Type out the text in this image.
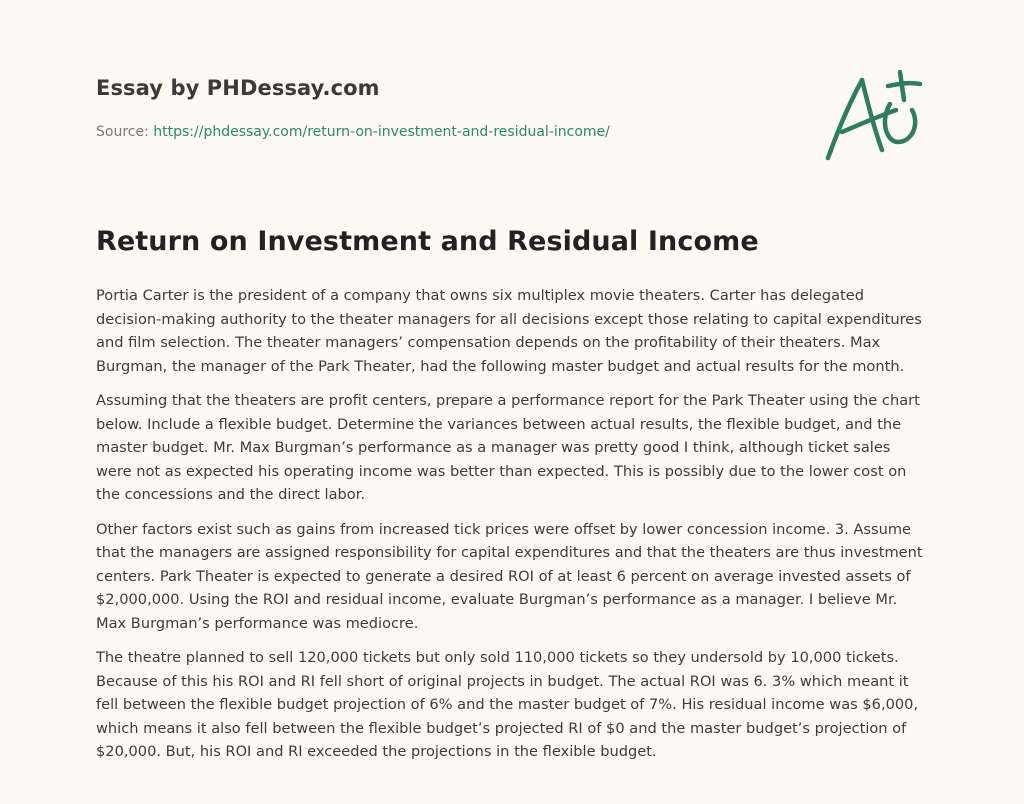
Essay by PHDessay.com
Source: https://phdessay.com/return-on-investment-and-residual-income/
Return on Investment and Residual Income

Portia Carter is the president of a company that owns six multiplex movie theaters. Carter has delegated decision-making authority to the theater managers for all decisions except those relating to capital expenditures and film selection. The theater managers’ compensation depends on the profitability of their theaters. Max Burgman, the manager of the Park Theater, had the following master budget and actual results for the month.

Assuming that the theaters are profit centers, prepare a performance report for the Park Theater using the chart below. Include a flexible budget. Determine the variances between actual results, the flexible budget, and the master budget. Mr. Max Burgman’s performance as a manager was pretty good I think, although ticket sales were not as expected his operating income was better than expected. This is possibly due to the lower cost on the concessions and the direct labor.

Other factors exist such as gains from increased tick prices were offset by lower concession income. 3. Assume that the managers are assigned responsibility for capital expenditures and that the theaters are thus investment centers. Park Theater is expected to generate a desired ROI of at least 6 percent on average invested assets of $2,000,000. Using the ROI and residual income, evaluate Burgman’s performance as a manager. I believe Mr. Max Burgman’s performance was mediocre.

The theatre planned to sell 120,000 tickets but only sold 110,000 tickets so they undersold by 10,000 tickets. Because of this his ROI and RI fell short of original projects in budget. The actual ROI was 6. 3% which meant it fell between the flexible budget projection of 6% and the master budget of 7%. His residual income was $6,000, which means it also fell between the flexible budget’s projected RI of $0 and the master budget’s projection of $20,000. But, his ROI and RI exceeded the projections in the flexible budget.
